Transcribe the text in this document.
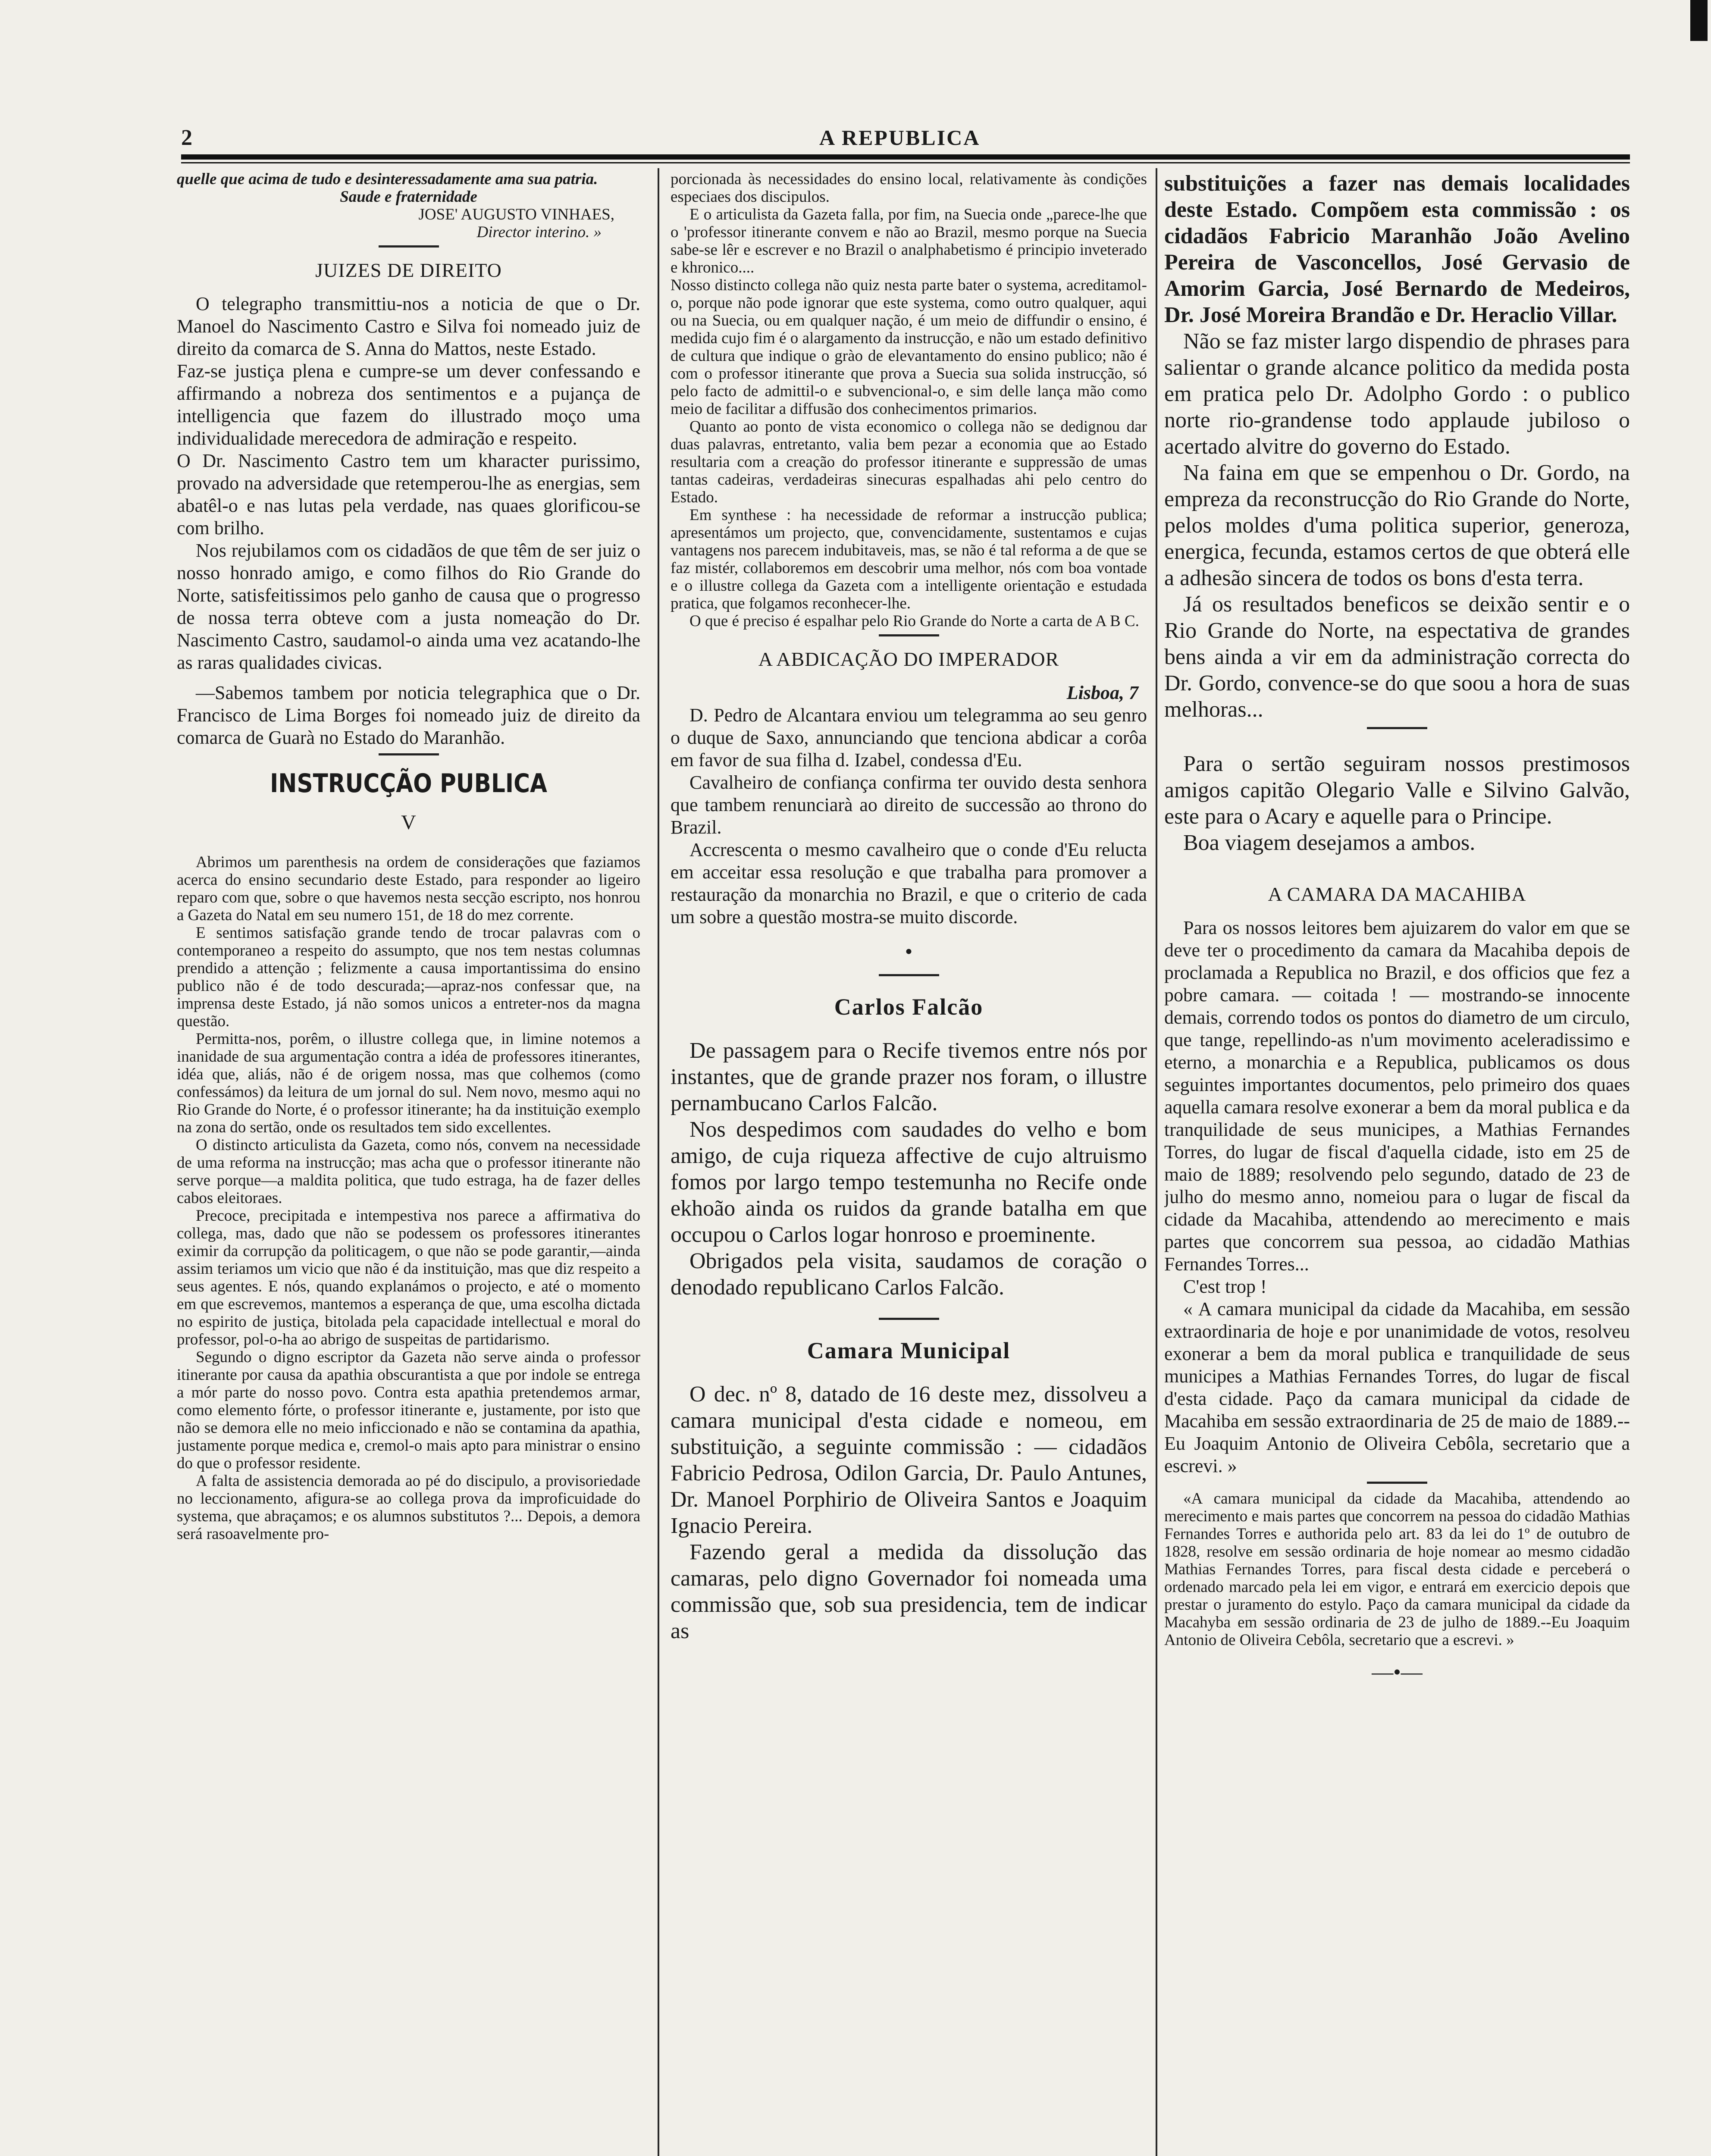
2	A REPUBLICA

quelle que acima de tudo e desinteressadamente ama sua patria.

Saude e fraternidade

JOSE' AUGUSTO VINHAES,

Director interino. »

JUIZES DE DIREITO

O telegrapho transmittiu-nos a noticia de que o Dr. Manoel do Nascimento Castro e Silva foi nomeado juiz de direito da comarca de S. Anna do Mattos, neste Estado.

Faz-se justiça plena e cumpre-se um dever confessando e affirmando a nobreza dos sentimentos e a pujança de intelligencia que fazem do illustrado moço uma individualidade merecedora de admiração e respeito.

O Dr. Nascimento Castro tem um kharacter purissimo, provado na adversidade que retemperou-lhe as energias, sem abatêl-o e nas lutas pela verdade, nas quaes glorificou-se com brilho.

Nos rejubilamos com os cidadãos de que têm de ser juiz o nosso honrado amigo, e como filhos do Rio Grande do Norte, satisfeitissimos pelo ganho de causa que o progresso de nossa terra obteve com a justa nomeação do Dr. Nascimento Castro, saudamol-o ainda uma vez acatando-lhe as raras qualidades civicas.

—Sabemos tambem por noticia telegraphica que o Dr. Francisco de Lima Borges foi nomeado juiz de direito da comarca de Guarà no Estado do Maranhão.

INSTRUCÇÃO PUBLICA
V

Abrimos um parenthesis na ordem de considerações que faziamos acerca do ensino secundario deste Estado, para responder ao ligeiro reparo com que, sobre o que havemos nesta secção escripto, nos honrou a Gazeta do Natal em seu numero 151, de 18 do mez corrente.

E sentimos satisfação grande tendo de trocar palavras com o contemporaneo a respeito do assumpto, que nos tem nestas columnas prendido a attenção ; felizmente a causa importantissima do ensino publico não é de todo descurada;—apraz-nos confessar que, na imprensa deste Estado, já não somos unicos a entreter-nos da magna questão.

Permitta-nos, porêm, o illustre collega que, in limine notemos a inanidade de sua argumentação contra a idéa de professores itinerantes, idéa que, aliás, não é de origem nossa, mas que colhemos (como confessámos) da leitura de um jornal do sul. Nem novo, mesmo aqui no Rio Grande do Norte, é o professor itinerante; ha da instituição exemplo na zona do sertão, onde os resultados tem sido excellentes.

O distincto articulista da Gazeta, como nós, convem na necessidade de uma reforma na instrucção; mas acha que o professor itinerante não serve porque—a maldita politica, que tudo estraga, ha de fazer delles cabos eleitoraes.

Precoce, precipitada e intempestiva nos parece a affirmativa do collega, mas, dado que não se podessem os professores itinerantes eximir da corrupção da politicagem, o que não se pode garantir,—ainda assim teriamos um vicio que não é da instituição, mas que diz respeito a seus agentes. E nós, quando explanámos o projecto, e até o momento em que escrevemos, mantemos a esperança de que, uma escolha dictada no espirito de justiça, bitolada pela capacidade intellectual e moral do professor, pol-o-ha ao abrigo de suspeitas de partidarismo.

Segundo o digno escriptor da Gazeta não serve ainda o professor itinerante por causa da apathia obscurantista a que por indole se entrega a mór parte do nosso povo. Contra esta apathia pretendemos armar, como elemento fórte, o professor itinerante e, justamente, por isto que não se demora elle no meio inficcionado e não se contamina da apathia, justamente porque medica e, cremol-o mais apto para ministrar o ensino do que o professor residente.

A falta de assistencia demorada ao pé do discipulo, a provisoriedade no leccionamento, afigura-se ao collega prova da improficuidade do systema, que abraçamos; e os alumnos substitutos ?... Depois, a demora será rasoavelmente pro-

porcionada às necessidades do ensino local, relativamente às condições especiaes dos discipulos.

E o articulista da Gazeta falla, por fim, na Suecia onde „parece-lhe que o 'professor itinerante convem e não ao Brazil, mesmo porque na Suecia sabe-se lêr e escrever e no Brazil o analphabetismo é principio inveterado e khronico....

Nosso distincto collega não quiz nesta parte bater o systema, acreditamol-o, porque não pode ignorar que este systema, como outro qualquer, aqui ou na Suecia, ou em qualquer nação, é um meio de diffundir o ensino, é medida cujo fim é o alargamento da instrucção, e não um estado definitivo de cultura que indique o grào de elevantamento do ensino publico; não é com o professor itinerante que prova a Suecia sua solida instrucção, só pelo facto de admittil-o e subvencional-o, e sim delle lança mão como meio de facilitar a diffusão dos conhecimentos primarios.

Quanto ao ponto de vista economico o collega não se dedignou dar duas palavras, entretanto, valia bem pezar a economia que ao Estado resultaria com a creação do professor itinerante e suppressão de umas tantas cadeiras, verdadeiras sinecuras espalhadas ahi pelo centro do Estado.

Em synthese : ha necessidade de reformar a instrucção publica; apresentámos um projecto, que, convencidamente, sustentamos e cujas vantagens nos parecem indubitaveis, mas, se não é tal reforma a de que se faz mistér, collaboremos em descobrir uma melhor, nós com boa vontade e o illustre collega da Gazeta com a intelligente orientação e estudada pratica, que folgamos reconhecer-lhe.

O que é preciso é espalhar pelo Rio Grande do Norte a carta de A B C.

A ABDICAÇÃO DO IMPERADOR

Lisboa, 7

D. Pedro de Alcantara enviou um telegramma ao seu genro o duque de Saxo, annunciando que tenciona abdicar a corôa em favor de sua filha d. Izabel, condessa d'Eu.

Cavalheiro de confiança confirma ter ouvido desta senhora que tambem renunciarà ao direito de successão ao throno do Brazil.

Accrescenta o mesmo cavalheiro que o conde d'Eu relucta em acceitar essa resolução e que trabalha para promover a restauração da monarchia no Brazil, e que o criterio de cada um sobre a questão mostra-se muito discorde.

•
Carlos Falcão

De passagem para o Recife tivemos entre nós por instantes, que de grande prazer nos foram, o illustre pernambucano Carlos Falcão.

Nos despedimos com saudades do velho e bom amigo, de cuja riqueza affective de cujo altruismo fomos por largo tempo testemunha no Recife onde ekhoão ainda os ruidos da grande batalha em que occupou o Carlos logar honroso e proeminente.

Obrigados pela visita, saudamos de coração o denodado republicano Carlos Falcão.

Camara Municipal

O dec. nº 8, datado de 16 deste mez, dissolveu a camara municipal d'esta cidade e nomeou, em substituição, a seguinte commissão : — cidadãos Fabricio Pedrosa, Odilon Garcia, Dr. Paulo Antunes, Dr. Manoel Porphirio de Oliveira Santos e Joaquim Ignacio Pereira.

Fazendo geral a medida da dissolução das camaras, pelo digno Governador foi nomeada uma commissão que, sob sua presidencia, tem de indicar as

substituições a fazer nas demais localidades deste Estado. Compõem esta commissão : os cidadãos Fabricio Maranhão João Avelino Pereira de Vasconcellos, José Gervasio de Amorim Garcia, José Bernardo de Medeiros, Dr. José Moreira Brandão e Dr. Heraclio Villar.

Não se faz mister largo dispendio de phrases para salientar o grande alcance politico da medida posta em pratica pelo Dr. Adolpho Gordo : o publico norte rio-grandense todo applaude jubiloso o acertado alvitre do governo do Estado.

Na faina em que se empenhou o Dr. Gordo, na empreza da reconstrucção do Rio Grande do Norte, pelos moldes d'uma politica superior, generoza, energica, fecunda, estamos certos de que obterá elle a adhesão sincera de todos os bons d'esta terra.

Já os resultados beneficos se deixão sentir e o Rio Grande do Norte, na espectativa de grandes bens ainda a vir em da administração correcta do Dr. Gordo, convence-se do que soou a hora de suas melhoras...

Para o sertão seguiram nossos prestimosos amigos capitão Olegario Valle e Silvino Galvão, este para o Acary e aquelle para o Principe.

Boa viagem desejamos a ambos.

A CAMARA DA MACAHIBA

Para os nossos leitores bem ajuizarem do valor em que se deve ter o procedimento da camara da Macahiba depois de proclamada a Republica no Brazil, e dos officios que fez a pobre camara. — coitada ! — mostrando-se innocente demais, correndo todos os pontos do diametro de um circulo, que tange, repellindo-as n'um movimento aceleradissimo e eterno, a monarchia e a Republica, publicamos os dous seguintes importantes documentos, pelo primeiro dos quaes aquella camara resolve exonerar a bem da moral publica e da tranquilidade de seus municipes, a Mathias Fernandes Torres, do lugar de fiscal d'aquella cidade, isto em 25 de maio de 1889; resolvendo pelo segundo, datado de 23 de julho do mesmo anno, nomeiou para o lugar de fiscal da cidade da Macahiba, attendendo ao merecimento e mais partes que concorrem sua pessoa, ao cidadão Mathias Fernandes Torres...

C'est trop !

« A camara municipal da cidade da Macahiba, em sessão extraordinaria de hoje e por unanimidade de votos, resolveu exonerar a bem da moral publica e tranquilidade de seus municipes a Mathias Fernandes Torres, do lugar de fiscal d'esta cidade. Paço da camara municipal da cidade de Macahiba em sessão extraordinaria de 25 de maio de 1889.--Eu Joaquim Antonio de Oliveira Cebôla, secretario que a escrevi. »

«A camara municipal da cidade da Macahiba, attendendo ao merecimento e mais partes que concorrem na pessoa do cidadão Mathias Fernandes Torres e authorida pelo art. 83 da lei do 1º de outubro de 1828, resolve em sessão ordinaria de hoje nomear ao mesmo cidadão Mathias Fernandes Torres, para fiscal desta cidade e perceberá o ordenado marcado pela lei em vigor, e entrará em exercicio depois que prestar o juramento do estylo. Paço da camara municipal da cidade da Macahyba em sessão ordinaria de 23 de julho de 1889.--Eu Joaquim Antonio de Oliveira Cebôla, secretario que a escrevi. »

—•—
